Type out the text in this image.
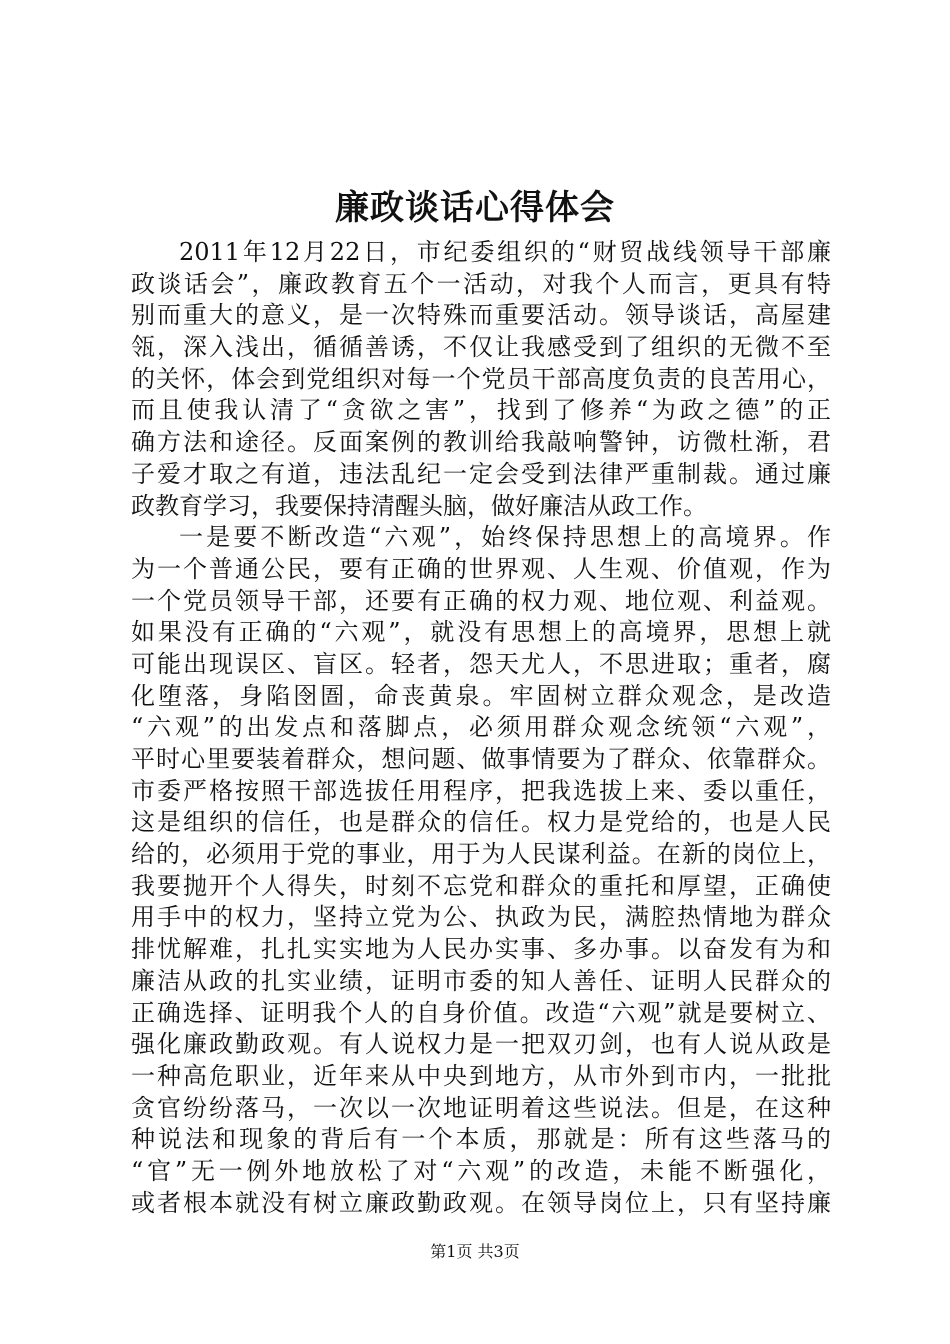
廉政谈话心得体会
2011年12月22日，市纪委组织的“财贸战线领导干部廉
政谈话会”，廉政教育五个一活动，对我个人而言，更具有特
别而重大的意义，是一次特殊而重要活动。领导谈话，高屋建
瓴，深入浅出，循循善诱，不仅让我感受到了组织的无微不至
的关怀，体会到党组织对每一个党员干部高度负责的良苦用心，
而且使我认清了“贪欲之害”，找到了修养“为政之德”的正
确方法和途径。反面案例的教训给我敲响警钟，访微杜渐，君
子爱才取之有道，违法乱纪一定会受到法律严重制裁。通过廉
政教育学习，我要保持清醒头脑，做好廉洁从政工作。
一是要不断改造“六观”，始终保持思想上的高境界。作
为一个普通公民，要有正确的世界观、人生观、价值观，作为
一个党员领导干部，还要有正确的权力观、地位观、利益观。
如果没有正确的“六观”，就没有思想上的高境界，思想上就
可能出现误区、盲区。轻者，怨天尤人，不思进取；重者，腐
化堕落，身陷囹圄，命丧黄泉。牢固树立群众观念，是改造
“六观”的出发点和落脚点，必须用群众观念统领“六观”，
平时心里要装着群众，想问题、做事情要为了群众、依靠群众。
市委严格按照干部选拔任用程序，把我选拔上来、委以重任，
这是组织的信任，也是群众的信任。权力是党给的，也是人民
给的，必须用于党的事业，用于为人民谋利益。在新的岗位上，
我要抛开个人得失，时刻不忘党和群众的重托和厚望，正确使
用手中的权力，坚持立党为公、执政为民，满腔热情地为群众
排忧解难，扎扎实实地为人民办实事、多办事。以奋发有为和
廉洁从政的扎实业绩，证明市委的知人善任、证明人民群众的
正确选择、证明我个人的自身价值。改造“六观”就是要树立、
强化廉政勤政观。有人说权力是一把双刃剑，也有人说从政是
一种高危职业，近年来从中央到地方，从市外到市内，一批批
贪官纷纷落马，一次以一次地证明着这些说法。但是，在这种
种说法和现象的背后有一个本质，那就是：所有这些落马的
“官”无一例外地放松了对“六观”的改造，未能不断强化，
或者根本就没有树立廉政勤政观。在领导岗位上，只有坚持廉
第1页 共3页
